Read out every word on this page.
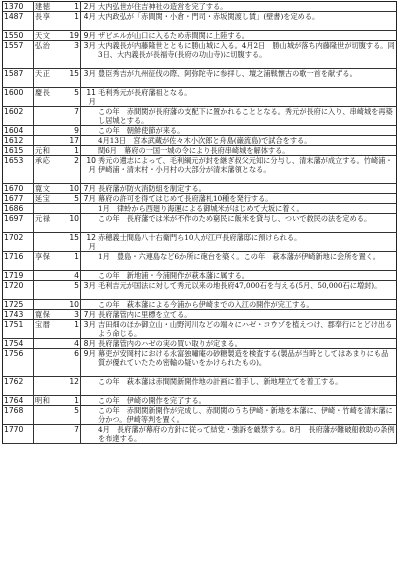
1370	建徳	1	2月	大内弘世が住吉神社の造営を完了する。
1487	長享	1	4月	大内政弘が「赤間関・小倉・門司・赤坂関渡し賃」(壁書)を定める。
1550	天文	19	9月	ザビエルが山口に入るため赤間関に上陸する。
1557	弘治	3	3月	大内義長が内藤隆世とともに勝山城に入る。4月2日　勝山城が落ち内藤隆世が切腹する。同3日、大内義長が長福寺(長府の功山寺)に切腹する。
1587	天正	15	3月	豊臣秀吉が九州征伐の際、阿弥陀寺に参拝し、壇之浦戦懐古の歌一首を献ずる。
1600	慶長	5	11月	毛利秀元が長府藩祖となる。
1602		7		この年　赤間関が長府藩の支配下に置かれることとなる。秀元が長府に入り、串崎城を再築し居城とする。
1604		9		この年　朝鮮使節が来る。
1612		17		4月13日　宮本武蔵が佐々木小次郎と舟島(巌流島)で試合をする。
1615	元和	1		閏6月　幕府の一国一城の令により長府串崎城を解体する。
1653	承応	2	10月	秀元の遺志によって、毛利綱元が封を継ぎ叔父元知に分与し、清末藩が成立する。竹崎浦・伊崎浦・清末村・小月村の大部分が清末藩領となる。
1670	寛文	10	7月	長府藩が防火消防組を制定する。
1677	延宝	5	7月	幕府の許可を得てはじめて長府藩札10種を発行する。
1686				1月　律蛉から西廻り海運による御城米がはじめて大坂に着く。
1697	元禄	10		この年　長府藩では米が不作のため窮民に飯米を貸与し、ついで救民の法を定める。
1702		15	12月	赤穂義士間島八十右衛門ら10人が江戸長府藩邸に預けられる。
1716	享保	1		1月　豊島・六連島など6か所に砲台を築く。この年　萩本藩が伊崎新地に会所を置く。
1719		4		この年　新地浦・今浦開作が萩本藩に属する。
1720		5	3月	毛利吉元が国法に対して秀元以来の地長府47,000石を与える(5月、50,000石に増封)。
1725		10		この年　萩本藩による今浦から伊崎までの入江の開作が完工する。
1743	寛保	3	7月	長府藩管内に里標を立てる。
1751	宝暦	1	3月	吉田畑のほか御立山・山野河川などの端々にハゼ・コウゾを植えつけ、郡奉行にとどけ出るよう命じる。
1754		4	8月	長府藩管内のハゼの実の買い取りが定まる。
1756		6	9月	幕吏が安岡村における永富独嘯庵の砂糖製造を検査する(製品が当時としてはあまりにも品質が優れていたため密輸の疑いをかけられたもの)。
1762		12		この年　萩本藩は赤間関新開作地の計画に着手し、新地埋立てを着工する。
1764	明和	1		この年　伊崎の開作を完了する。
1768		5		この年　赤間関新開作が完成し、赤間関のうち伊崎・新地を本藩に、伊崎・竹崎を清末藩に分かつ。伊崎等判を置く。
1770		7		4月　長府藩が幕府の方針に従って結党・強訴を厳禁する。8月　長府藩が難破船救助の条例を布達する。
